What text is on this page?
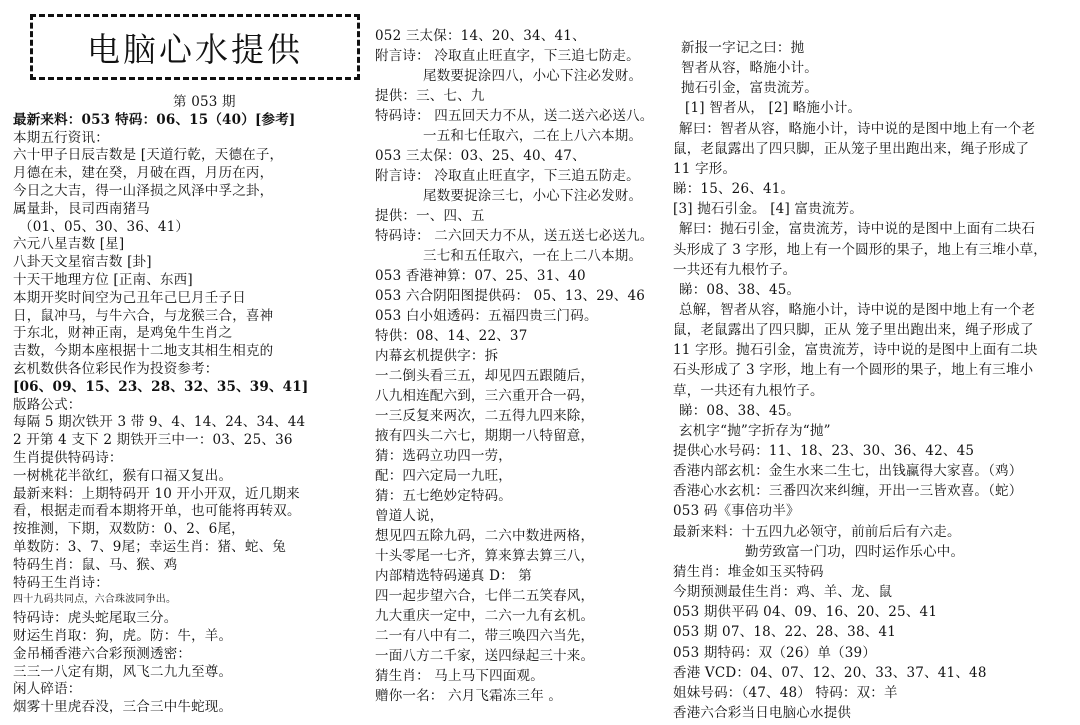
电脑心水提供
第 053 期
最新来料：053 特码：06、15（40）[参考]
本期五行资讯：
六十甲子日辰吉数是 [天道行乾，天德在子，
月德在未，建在癸，月破在酉，月历在丙，
今日之大吉，得一山泽损之风泽中孚之卦，
属量卦，艮司西南猪马
（01、05、30、36、41）
六元八星吉数 [星]
八卦天文星宿吉数 [卦]
十天干地理方位 [正南、东西]
本期开奖时间空为己丑年己巳月壬子日
日，鼠冲马，与牛六合，与龙猴三合，喜神
于东北，财神正南，是鸡兔牛生肖之
吉数，今期本座根据十二地支其相生相克的
玄机数供各位彩民作为投资参考：
[06、09、15、23、28、32、35、39、41]
版路公式：
每隔 5 期次铁开 3 带 9、4、14、24、34、44
2 开第 4 支下 2 期铁开三中一：03、25、36
生肖提供特码诗：
一树桃花半欲红，猴有口福又复出。
最新来料：上期特码开 10 开小开双，近几期来
看，根据走而看本期将开单，也可能将再转双。
按推测，下期，双数防：0、2、6尾，
单数防：3、7、9尾；幸运生肖：猪、蛇、兔
特码生肖：鼠、马、猴、鸡
特码王生肖诗：
四十九码共同点，六合珠波同争出。
特码诗：虎头蛇尾取三分。
财运生肖取：狗，虎。防：牛，羊。
金吊桶香港六合彩预测透密：
三三一八定有期，风飞二九九至尊。
闲人碎语：
烟雾十里虎吞没，三合三中牛蛇现。
052 三太保：14、20、34、41、
附言诗： 冷取直止旺直字，下三追七防走。
尾数要捉涂四八，小心下注必发财。
提供：三、七、九
特码诗： 四五回天力不从，送二送六必送八。
一五和七任取六，二在上八六本期。
053 三太保：03、25、40、47、
附言诗： 冷取直止旺直字，下三追五防走。
尾数要捉涂三七，小心下注必发财。
提供：一、四、五
特码诗： 二六回天力不从，送五送七必送九。
三七和五任取六，一在上二八本期。
053 香港神算：07、25、31、40
053 六合阴阳图提供码： 05、13、29、46
053 白小姐透码：五福四贵三门码。
特供：08、14、22、37
内幕玄机提供字：拆
一二倒头看三五，却见四五跟随后，
八九相连配六到，三六重开合一码，
一三反复来两次，二五得九四来除，
掖有四头二六七，期期一八特留意，
猜：选码立功四一劳，
配：四六定局一九旺，
猜：五七绝妙定特码。
曾道人说，
想见四五除九码，二六中数进两格，
十头零尾一七齐，算来算去算三八，
内部精选特码递真 D： 第
四一起步望六合，七伴二五笑春风，
九大重庆一定中，二六一九有玄机。
二一有八中有二，带三唤四六当先，
一面八方二千家，送四绿起三十来。
猜生肖： 马上马下四面观。
赠你一名： 六月飞霜冻三年 。
新报一字记之曰：抛
智者从容，略施小计。
抛石引金，富贵流芳。
[1] 智者从， [2] 略施小计。
解曰：智者从容，略施小计，诗中说的是图中地上有一个老
鼠，老鼠露出了四只脚，正从笼子里出跑出来，绳子形成了
11 字形。
睇：15、26、41。
[3] 抛石引金。 [4] 富贵流芳。
解曰：抛石引金，富贵流芳，诗中说的是图中上面有二块石
头形成了 3 字形，地上有一个圆形的果子，地上有三堆小草，
一共还有九根竹子。
睇：08、38、45。
总解，智者从容，略施小计，诗中说的是图中地上有一个老
鼠，老鼠露出了四只脚，正从 笼子里出跑出来，绳子形成了
11 字形。抛石引金，富贵流芳，诗中说的是图中上面有二块
石头形成了 3 字形，地上有一个圆形的果子，地上有三堆小
草，一共还有九根竹子。
睇：08、38、45。
玄机字“抛”字折存为“抛”
提供心水号码：11、18、23、30、36、42、45
香港内部玄机：金生水来二生七，出钱赢得大家喜。（鸡）
香港心水玄机：三番四次来纠缠，开出一三皆欢喜。（蛇）
053 码《事倍功半》
最新来料：十五四九必领守，前前后后有六走。
勤劳致富一门功，四时运作乐心中。
猜生肖：堆金如玉买特码
今期预测最佳生肖：鸡、羊、龙、鼠
053 期供平码 04、09、16、20、25、41
053 期 07、18、22、28、38、41
053 期特码：双（26）单（39）
香港 VCD：04、07、12、20、33、37、41、48
姐妹号码：（47、48） 特码：双：羊
香港六合彩当日电脑心水提供
